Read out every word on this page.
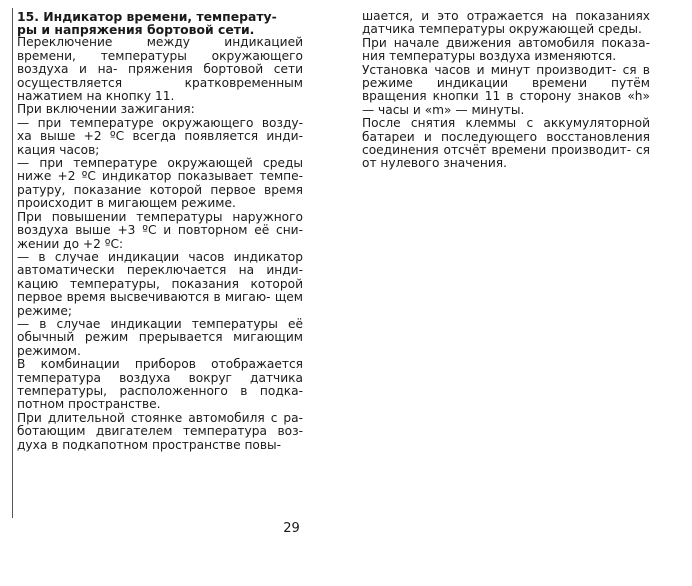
15. Индикатор времени, температу-
ры и напряжения бортовой сети.

Переключение между индикацией времени, температуры окружающего воздуха и на- пряжения бортовой сети осуществляется кратковременным нажатием на кнопку 11.

При включении зажигания:

— при температуре окружающего возду- ха выше +2 ºС всегда появляется инди- кация часов;

— при температуре окружающей среды ниже +2 ºС индикатор показывает темпе- ратуру, показание которой первое время происходит в мигающем режиме.

При повышении температуры наружного воздуха выше +3 ºС и повторном её сни- жении до +2 ºС:

— в случае индикации часов индикатор автоматически переключается на инди- кацию температуры, показания которой первое время высвечиваются в мигаю- щем режиме;

— в случае индикации температуры её обычный режим прерывается мигающим режимом.

В комбинации приборов отображается температура воздуха вокруг датчика температуры, расположенного в подка- потном пространстве.

При длительной стоянке автомобиля с ра- ботающим двигателем температура воз- духа в подкапотном пространстве повы-

шается, и это отражается на показаниях датчика температуры окружающей среды.

При начале движения автомобиля показа- ния температуры воздуха изменяются.

Установка часов и минут производит- ся в режиме индикации времени путём вращения кнопки 11 в сторону знаков «h» — часы и «m» — минуты.

После снятия клеммы с аккумуляторной батареи и последующего восстановления соединения отсчёт времени производит- ся от нулевого значения.

29
